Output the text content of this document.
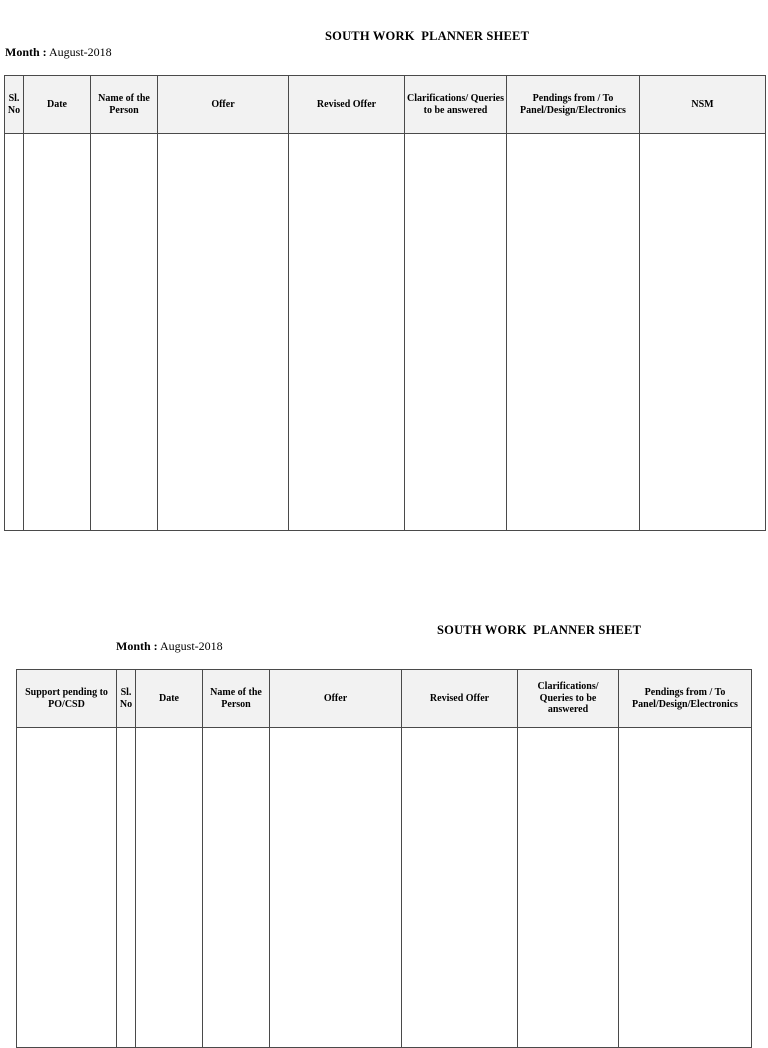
SOUTH WORK  PLANNER SHEET
Month : August-2018
Sl. No	Date	Name of the Person	Offer	Revised Offer	Clarifications/ Queries to be answered	Pendings from / To Panel/Design/Electronics	NSM

SOUTH WORK  PLANNER SHEET
Month : August-2018
Support pending to PO/CSD	Sl. No	Date	Name of the Person	Offer	Revised Offer	Clarifications/ Queries to be answered	Pendings from / To Panel/Design/Electronics
